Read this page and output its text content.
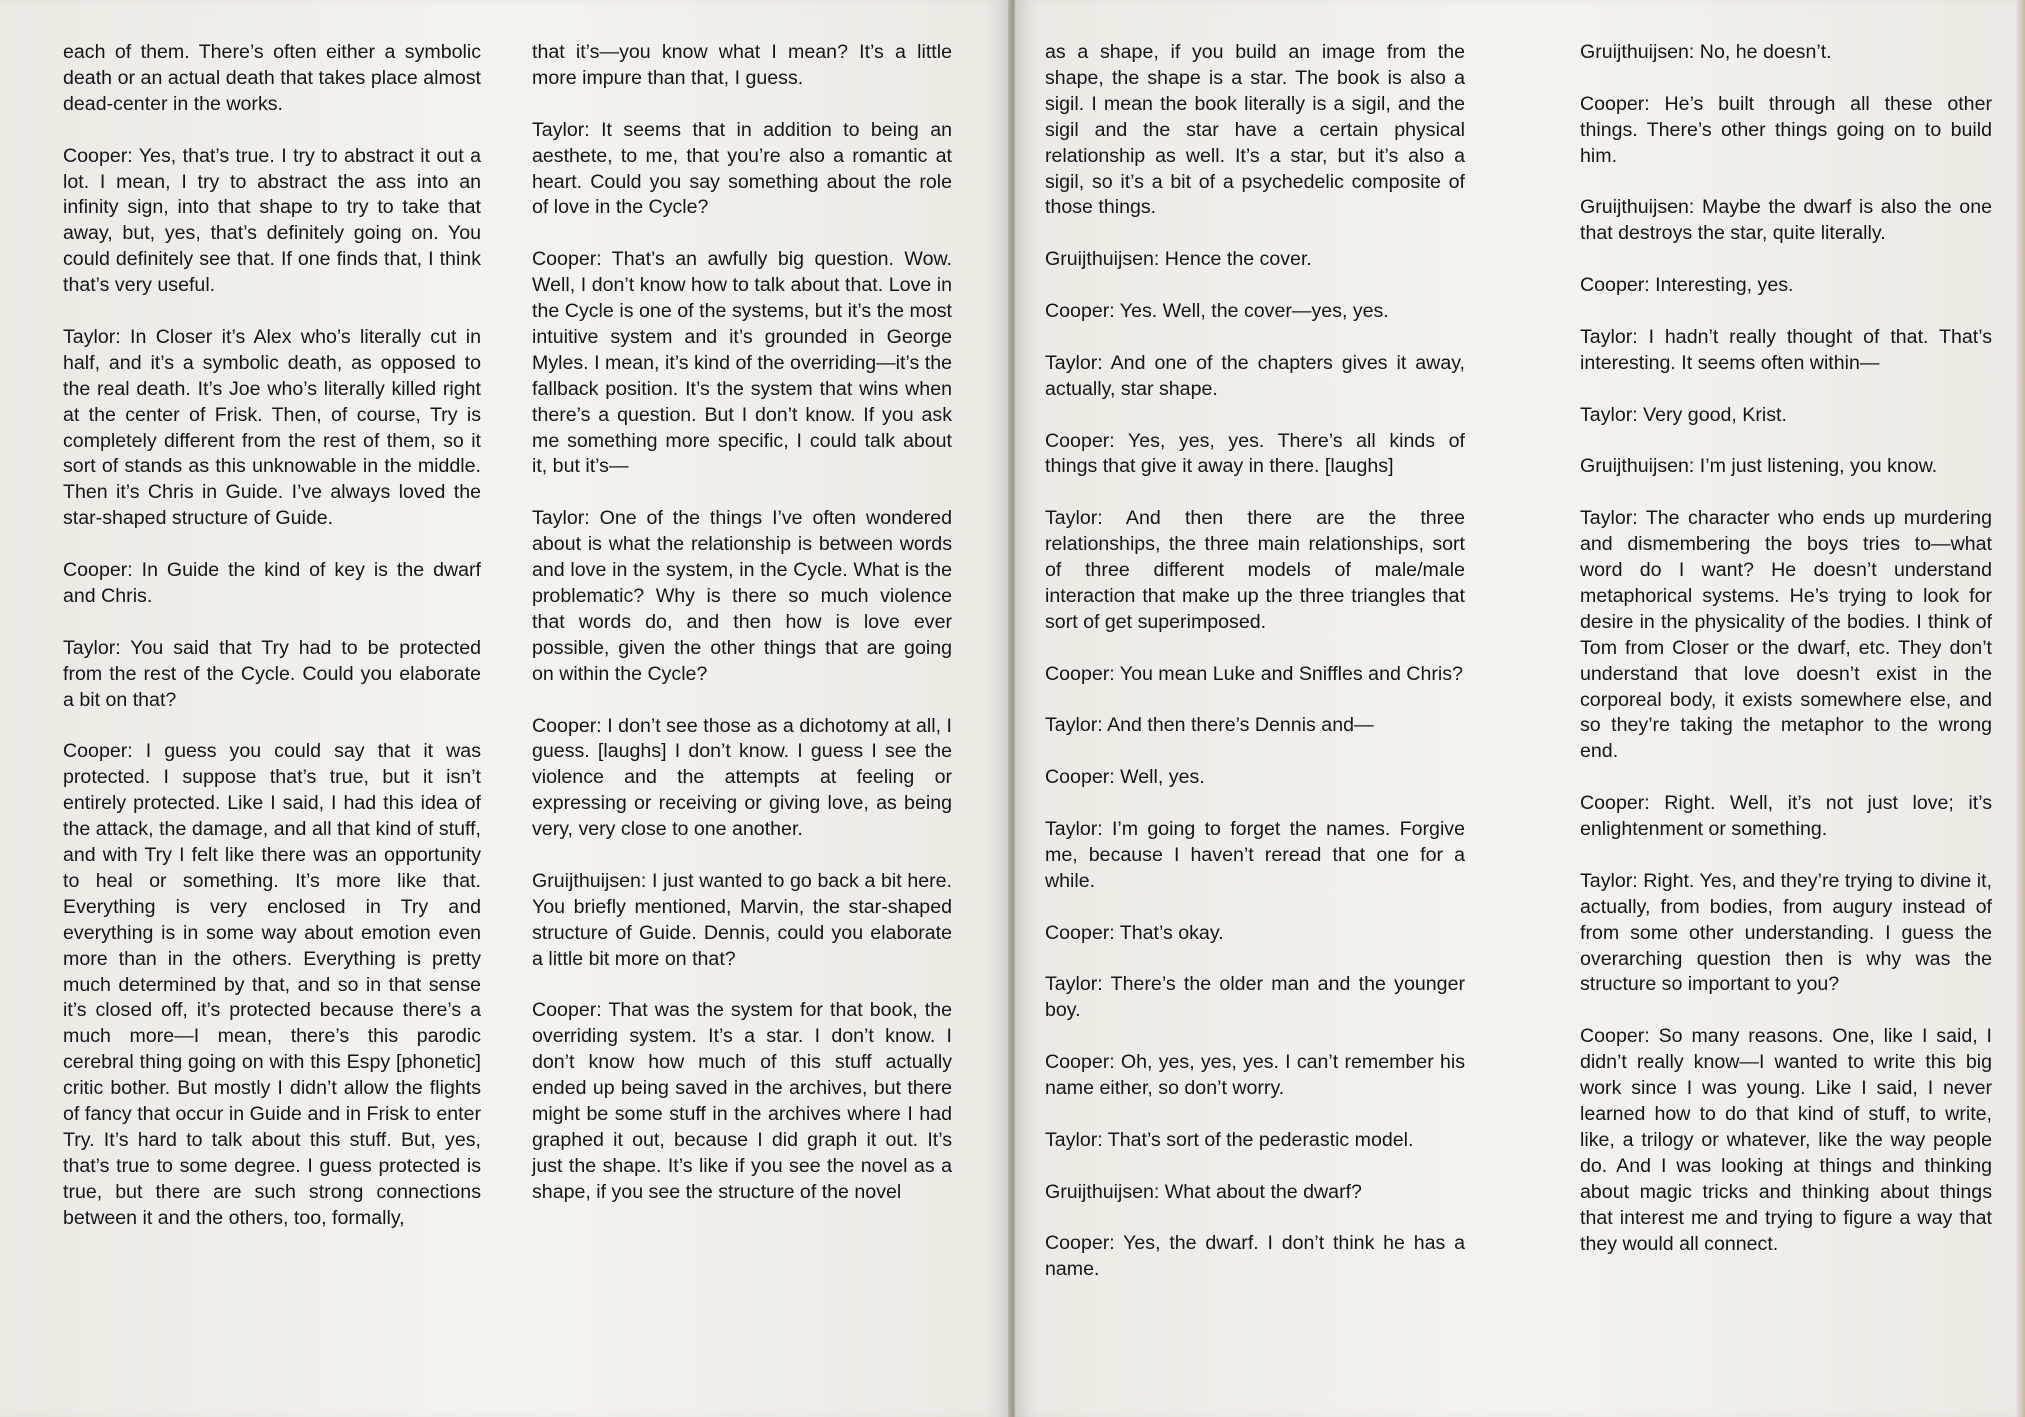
each of them. There’s often either a symbolic death or an actual death that takes place almost dead-center in the works.

Cooper: Yes, that’s true. I try to abstract it out a lot. I mean, I try to abstract the ass into an infinity sign, into that shape to try to take that away, but, yes, that’s definitely going on. You could definitely see that. If one finds that, I think that’s very useful.

Taylor: In Closer it’s Alex who’s literally cut in half, and it’s a symbolic death, as opposed to the real death. It’s Joe who’s literally killed right at the center of Frisk. Then, of course, Try is completely different from the rest of them, so it sort of stands as this unknowable in the middle. Then it’s Chris in Guide. I’ve always loved the star-shaped structure of Guide.

Cooper: In Guide the kind of key is the dwarf and Chris.

Taylor: You said that Try had to be protected from the rest of the Cycle. Could you elaborate a bit on that?

Cooper: I guess you could say that it was protected. I suppose that’s true, but it isn’t entirely protected. Like I said, I had this idea of the attack, the damage, and all that kind of stuff, and with Try I felt like there was an opportunity to heal or something. It’s more like that. Everything is very enclosed in Try and everything is in some way about emotion even more than in the others. Everything is pretty much determined by that, and so in that sense it’s closed off, it’s protected because there’s a much more—I mean, there’s this parodic cerebral thing going on with this Espy [phonetic] critic bother. But mostly I didn’t allow the flights of fancy that occur in Guide and in Frisk to enter Try. It’s hard to talk about this stuff. But, yes, that’s true to some degree. I guess protected is true, but there are such strong connections between it and the others, too, formally,

that it’s—you know what I mean? It’s a little more impure than that, I guess.

Taylor: It seems that in addition to being an aesthete, to me, that you’re also a romantic at heart. Could you say something about the role of love in the Cycle?

Cooper: That’s an awfully big question. Wow. Well, I don’t know how to talk about that. Love in the Cycle is one of the systems, but it’s the most intuitive system and it’s grounded in George Myles. I mean, it’s kind of the overriding—it’s the fallback position. It’s the system that wins when there’s a question. But I don’t know. If you ask me something more specific, I could talk about it, but it’s—

Taylor: One of the things I’ve often wondered about is what the relationship is between words and love in the system, in the Cycle. What is the problematic? Why is there so much violence that words do, and then how is love ever possible, given the other things that are going on within the Cycle?

Cooper: I don’t see those as a dichotomy at all, I guess. [laughs] I don’t know. I guess I see the violence and the attempts at feeling or expressing or receiving or giving love, as being very, very close to one another.

Gruijthuijsen: I just wanted to go back a bit here. You briefly mentioned, Marvin, the star-shaped structure of Guide. Dennis, could you elaborate a little bit more on that?

Cooper: That was the system for that book, the overriding system. It’s a star. I don’t know. I don’t know how much of this stuff actually ended up being saved in the archives, but there might be some stuff in the archives where I had graphed it out, because I did graph it out. It’s just the shape. It’s like if you see the novel as a shape, if you see the structure of the novel

as a shape, if you build an image from the shape, the shape is a star. The book is also a sigil. I mean the book literally is a sigil, and the sigil and the star have a certain physical relationship as well. It’s a star, but it’s also a sigil, so it’s a bit of a psychedelic composite of those things.

Gruijthuijsen: Hence the cover.

Cooper: Yes. Well, the cover—yes, yes.

Taylor: And one of the chapters gives it away, actually, star shape.

Cooper: Yes, yes, yes. There’s all kinds of things that give it away in there. [laughs]

Taylor: And then there are the three relationships, the three main relationships, sort of three different models of male/male interaction that make up the three triangles that sort of get superimposed.

Cooper: You mean Luke and Sniffles and Chris?

Taylor: And then there’s Dennis and—

Cooper: Well, yes.

Taylor: I’m going to forget the names. Forgive me, because I haven’t reread that one for a while.

Cooper: That’s okay.

Taylor: There’s the older man and the younger boy.

Cooper: Oh, yes, yes, yes. I can’t remember his name either, so don’t worry.

Taylor: That’s sort of the pederastic model.

Gruijthuijsen: What about the dwarf?

Cooper: Yes, the dwarf. I don’t think he has a name.

Gruijthuijsen: No, he doesn’t.

Cooper: He’s built through all these other things. There’s other things going on to build him.

Gruijthuijsen: Maybe the dwarf is also the one that destroys the star, quite literally.

Cooper: Interesting, yes.

Taylor: I hadn’t really thought of that. That’s interesting. It seems often within—

Taylor: Very good, Krist.

Gruijthuijsen: I’m just listening, you know.

Taylor: The character who ends up murdering and dismembering the boys tries to—what word do I want? He doesn’t understand metaphorical systems. He’s trying to look for desire in the physicality of the bodies. I think of Tom from Closer or the dwarf, etc. They don’t understand that love doesn’t exist in the corporeal body, it exists somewhere else, and so they’re taking the metaphor to the wrong end.

Cooper: Right. Well, it’s not just love; it’s enlightenment or something.

Taylor: Right. Yes, and they’re trying to divine it, actually, from bodies, from augury instead of from some other understanding. I guess the overarching question then is why was the structure so important to you?

Cooper: So many reasons. One, like I said, I didn’t really know—I wanted to write this big work since I was young. Like I said, I never learned how to do that kind of stuff, to write, like, a trilogy or whatever, like the way people do. And I was looking at things and thinking about magic tricks and thinking about things that interest me and trying to figure a way that they would all connect.
